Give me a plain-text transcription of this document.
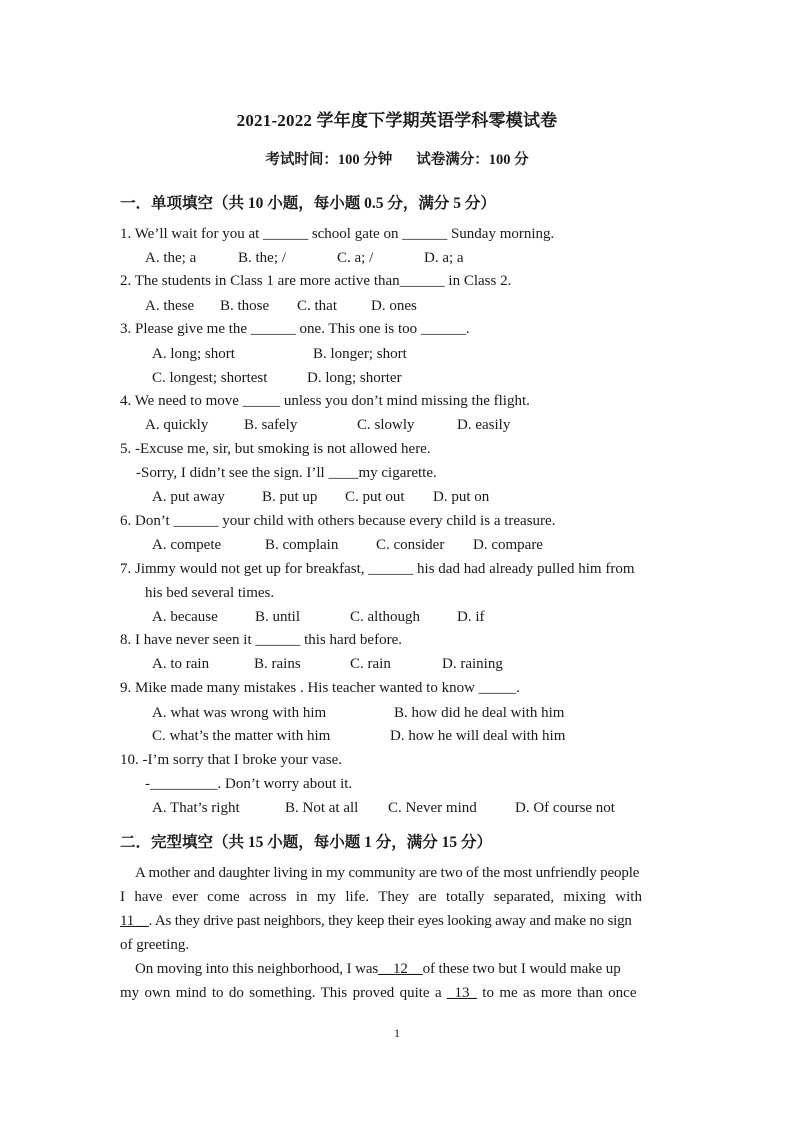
2021-2022 学年度下学期英语学科零模试卷
考试时间：100 分钟 试卷满分：100 分
一．单项填空（共 10 小题，每小题 0.5 分，满分 5 分）
1. We’ll wait for you at ______ school gate on ______ Sunday morning.
A. the; a	B. the; /	C. a; /	D. a; a
2. The students in Class 1 are more active than______ in Class 2.
A. these B. those C. that D. ones
3. Please give me the ______ one. This one is too ______.
A. long; short	B. longer; short
C. longest; shortest	D. long; shorter
4. We need to move _____ unless you don’t mind missing the flight.
A. quickly B. safely	C. slowly	D. easily
5. -Excuse me, sir, but smoking is not allowed here.
-Sorry, I didn’t see the sign. I’ll ____my cigarette.
A. put away B. put up C. put out D. put on
6. Don’t ______ your child with others because every child is a treasure.
A. compete	B. complain	C. consider D. compare
7. Jimmy would not get up for breakfast, ______ his dad had already pulled him from
his bed several times.
A. because B. until	C. although D. if
8. I have never seen it ______ this hard before.
A. to rain	B. rains	C. rain	D. raining
9. Mike made many mistakes . His teacher wanted to know _____.
A. what was wrong with him	B. how did he deal with him
C. what’s the matter with him	D. how he will deal with him
10. -I’m sorry that I broke your vase.
-_________. Don’t worry about it.
A. That’s right	B. Not at all C. Never mind	D. Of course not
二．完型填空（共 15 小题，每小题 1 分，满分 15 分）
A mother and daughter living in my community are two of the most unfriendly people
I have ever come across in my life. They are totally separated, mixing with
11__. As they drive past neighbors, they keep their eyes looking away and make no sign
of greeting.
On moving into this neighborhood, I was__12__of these two but I would make up
my own mind to do something. This proved quite a _13_ to me as more than once
1
